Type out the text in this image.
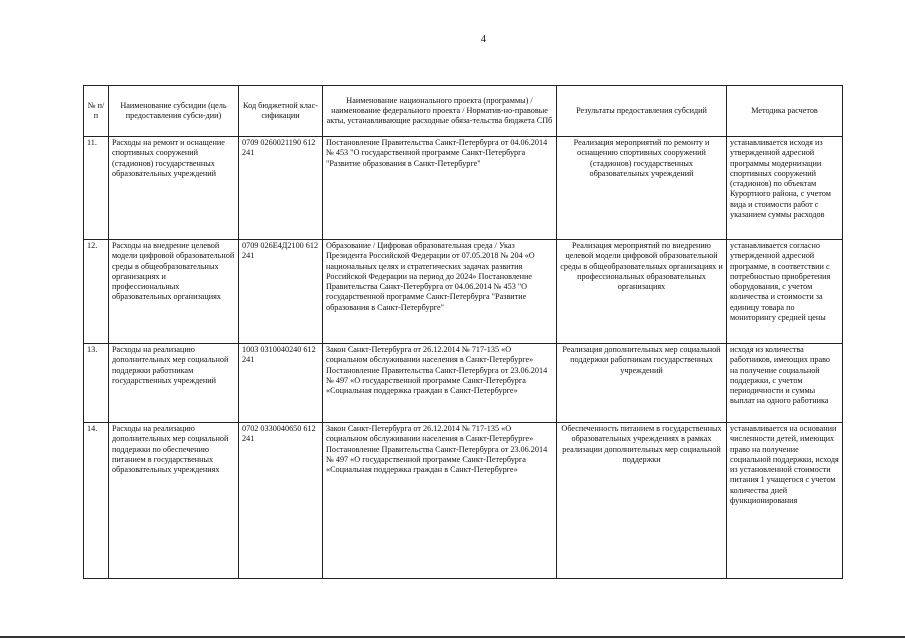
4
№ п/п	Наименование субсидии (цель предоставления субси-дии)	Код бюджетной клас-сификации	Наименование национального проекта (программы) / наименование федерального проекта / Норматив-но-правовые акты, устанавливающие расходные обяза-тельства бюджета СПб	Результаты предоставления субсидий	Методика расчетов
11.	Расходы на ремонт и оснащение спортивных сооружений (стадионов) государственных образовательных учреждений	0709 0260021190 612 241	Постановление Правительства Санкт-Петербурга от 04.06.2014 № 453 "О государственной программе Санкт-Петербурга "Развитие образования в Санкт-Петербурге"	Реализация мероприятий по ремонту и оснащению спортивных сооружений (стадионов) государственных образовательных учреждений	устанавливается исходя из утвержденной адресной программы модернизации спортивных сооружений (стадионов) по объектам Курортного района, с учетом вида и стоимости работ с указанием суммы расходов
12.	Расходы на внедрение целевой модели цифровой образовательной среды в общеобразовательных организациях и профессиональных образовательных организациях	0709 026Е4Д2100 612 241	Образование / Цифровая образовательная среда / Указ Президента Российской Федерации от 07.05.2018 № 204 «О национальных целях и стратегических задачах развития Российской Федерации на период до 2024» Постановление Правительства Санкт-Петербурга от 04.06.2014 № 453 "О государственной программе Санкт-Петербурга "Развитие образования в Санкт-Петербурге"	Реализация мероприятий по внедрению целевой модели цифровой образовательной среды в общеобразовательных организациях и профессиональных образовательных организациях	устанавливается согласно утвержденной адресной программе, в соответствии с потребностью приобретения оборудования, с учетом количества и стоимости за единицу товара по мониторингу средней цены
13.	Расходы на реализацию дополнительных мер социальной поддержки работникам государственных учреждений	1003 0310040240 612 241	Закон Санкт-Петербурга от 26.12.2014 № 717-135 «О социальном обслуживании населения в Санкт-Петербурге» Постановление Правительства Санкт-Петербурга от 23.06.2014 № 497 «О государственной программе Санкт-Петербурга «Социальная поддержка граждан в Санкт-Петербурге»	Реализация дополнительных мер социальной поддержки работникам государственных учреждений	исходя из количества работников, имеющих право на получение социальной поддержки, с учетом периодичности и суммы выплат на одного работника
14.	Расходы на реализацию дополнительных мер социальной поддержки по обеспечению питанием в государственных образовательных учреждениях	0702 0330040650 612 241	Закон Санкт-Петербурга от 26.12.2014 № 717-135 «О социальном обслуживании населения в Санкт-Петербурге» Постановление Правительства Санкт-Петербурга от 23.06.2014 № 497 «О государственной программе Санкт-Петербурга «Социальная поддержка граждан в Санкт-Петербурге»	Обеспеченность питанием в государственных образовательных учреждениях в рамках реализации дополнительных мер социальной поддержки	устанавливается на основании численности детей, имеющих право на получение социальной поддержки, исходя из установленной стоимости питания 1 учащегося с учетом количества дней функционирования
